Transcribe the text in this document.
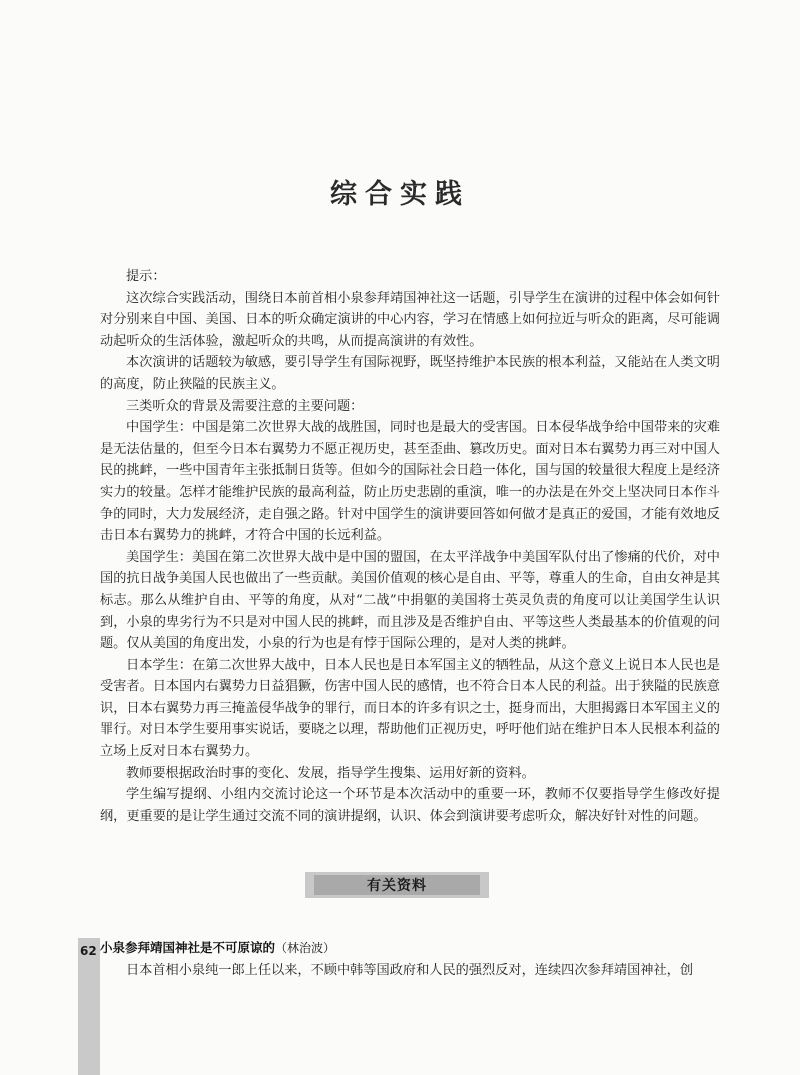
综合实践

提示：

这次综合实践活动，围绕日本前首相小泉参拜靖国神社这一话题，引导学生在演讲的过程中体会如何针对分别来自中国、美国、日本的听众确定演讲的中心内容，学习在情感上如何拉近与听众的距离，尽可能调动起听众的生活体验，激起听众的共鸣，从而提高演讲的有效性。

本次演讲的话题较为敏感，要引导学生有国际视野，既坚持维护本民族的根本利益，又能站在人类文明的高度，防止狭隘的民族主义。

三类听众的背景及需要注意的主要问题：

中国学生：中国是第二次世界大战的战胜国，同时也是最大的受害国。日本侵华战争给中国带来的灾难是无法估量的，但至今日本右翼势力不愿正视历史，甚至歪曲、篡改历史。面对日本右翼势力再三对中国人民的挑衅，一些中国青年主张抵制日货等。但如今的国际社会日趋一体化，国与国的较量很大程度上是经济实力的较量。怎样才能维护民族的最高利益，防止历史悲剧的重演，唯一的办法是在外交上坚决同日本作斗争的同时，大力发展经济，走自强之路。针对中国学生的演讲要回答如何做才是真正的爱国，才能有效地反击日本右翼势力的挑衅，才符合中国的长远利益。

美国学生：美国在第二次世界大战中是中国的盟国，在太平洋战争中美国军队付出了惨痛的代价，对中国的抗日战争美国人民也做出了一些贡献。美国价值观的核心是自由、平等，尊重人的生命，自由女神是其标志。那么从维护自由、平等的角度，从对“二战”中捐躯的美国将士英灵负责的角度可以让美国学生认识到，小泉的卑劣行为不只是对中国人民的挑衅，而且涉及是否维护自由、平等这些人类最基本的价值观的问题。仅从美国的角度出发，小泉的行为也是有悖于国际公理的，是对人类的挑衅。

日本学生：在第二次世界大战中，日本人民也是日本军国主义的牺牲品，从这个意义上说日本人民也是受害者。日本国内右翼势力日益猖獗，伤害中国人民的感情，也不符合日本人民的利益。出于狭隘的民族意识，日本右翼势力再三掩盖侵华战争的罪行，而日本的许多有识之士，挺身而出，大胆揭露日本军国主义的罪行。对日本学生要用事实说话，要晓之以理，帮助他们正视历史，呼吁他们站在维护日本人民根本利益的立场上反对日本右翼势力。

教师要根据政治时事的变化、发展，指导学生搜集、运用好新的资料。

学生编写提纲、小组内交流讨论这一个环节是本次活动中的重要一环，教师不仅要指导学生修改好提纲，更重要的是让学生通过交流不同的演讲提纲，认识、体会到演讲要考虑听众，解决好针对性的问题。

有关资料
小泉参拜靖国神社是不可原谅的（林治波）
日本首相小泉纯一郎上任以来，不顾中韩等国政府和人民的强烈反对，连续四次参拜靖国神社，创
62
